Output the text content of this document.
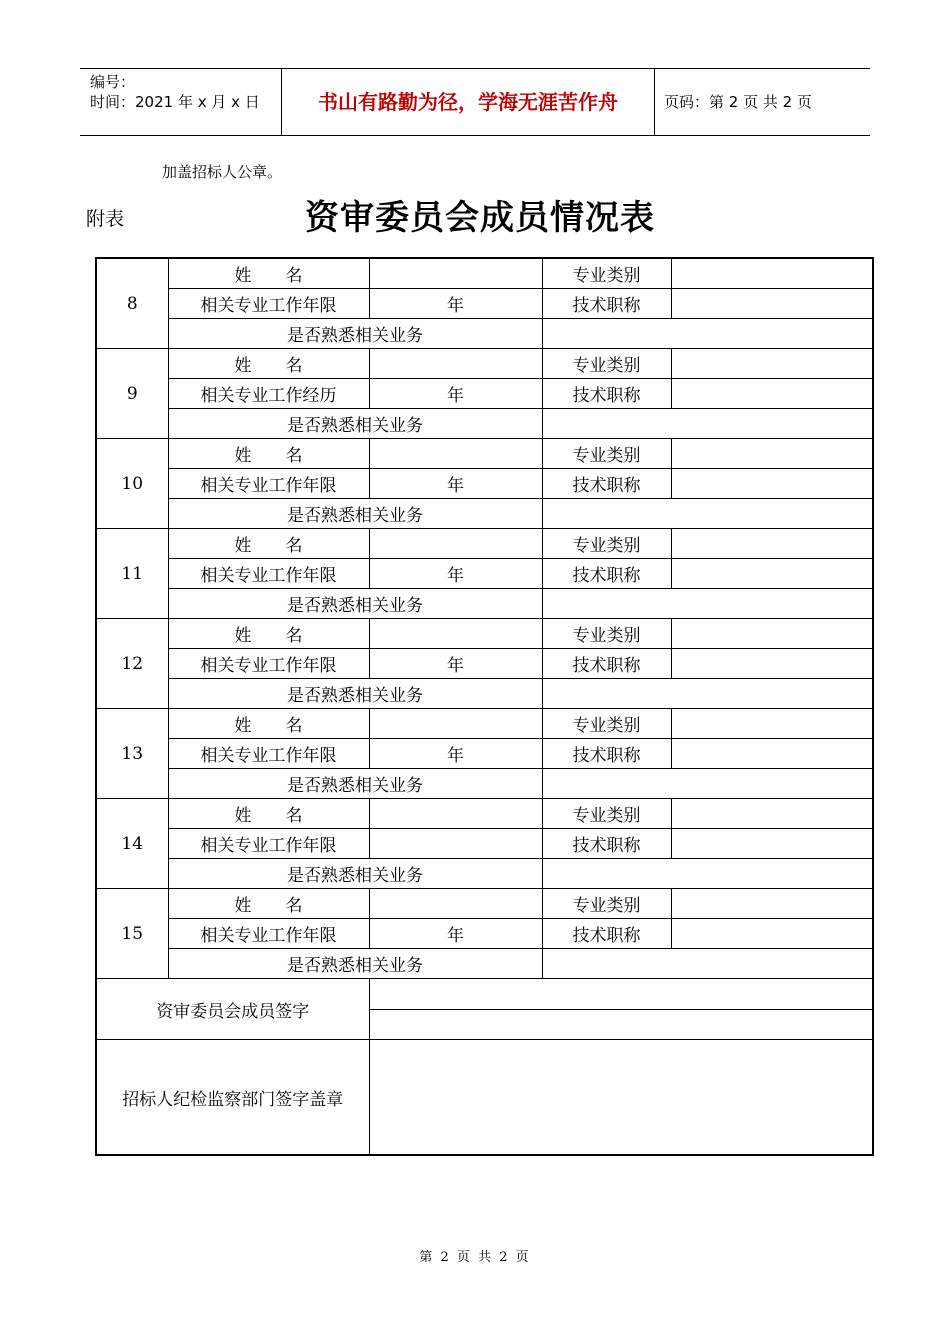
编号：
时间：2021 年 x 月 x 日	书山有路勤为径，学海无涯苦作舟	页码：第 2 页 共 2 页
加盖招标人公章。
附表	资审委员会成员情况表
8	姓　　名		专业类别	
	相关专业工作年限	年	技术职称	
	是否熟悉相关业务			
9	姓　　名		专业类别	
	相关专业工作经历	年	技术职称	
	是否熟悉相关业务			
10	姓　　名		专业类别	
	相关专业工作年限	年	技术职称	
	是否熟悉相关业务			
11	姓　　名		专业类别	
	相关专业工作年限	年	技术职称	
	是否熟悉相关业务			
12	姓　　名		专业类别	
	相关专业工作年限	年	技术职称	
	是否熟悉相关业务			
13	姓　　名		专业类别	
	相关专业工作年限	年	技术职称	
	是否熟悉相关业务			
14	姓　　名		专业类别	
	相关专业工作年限		技术职称	
	是否熟悉相关业务			
15	姓　　名		专业类别	
	相关专业工作年限	年	技术职称	
	是否熟悉相关业务			
资审委员会成员签字				

招标人纪检监察部门签字盖章				
第 2 页 共 2 页
